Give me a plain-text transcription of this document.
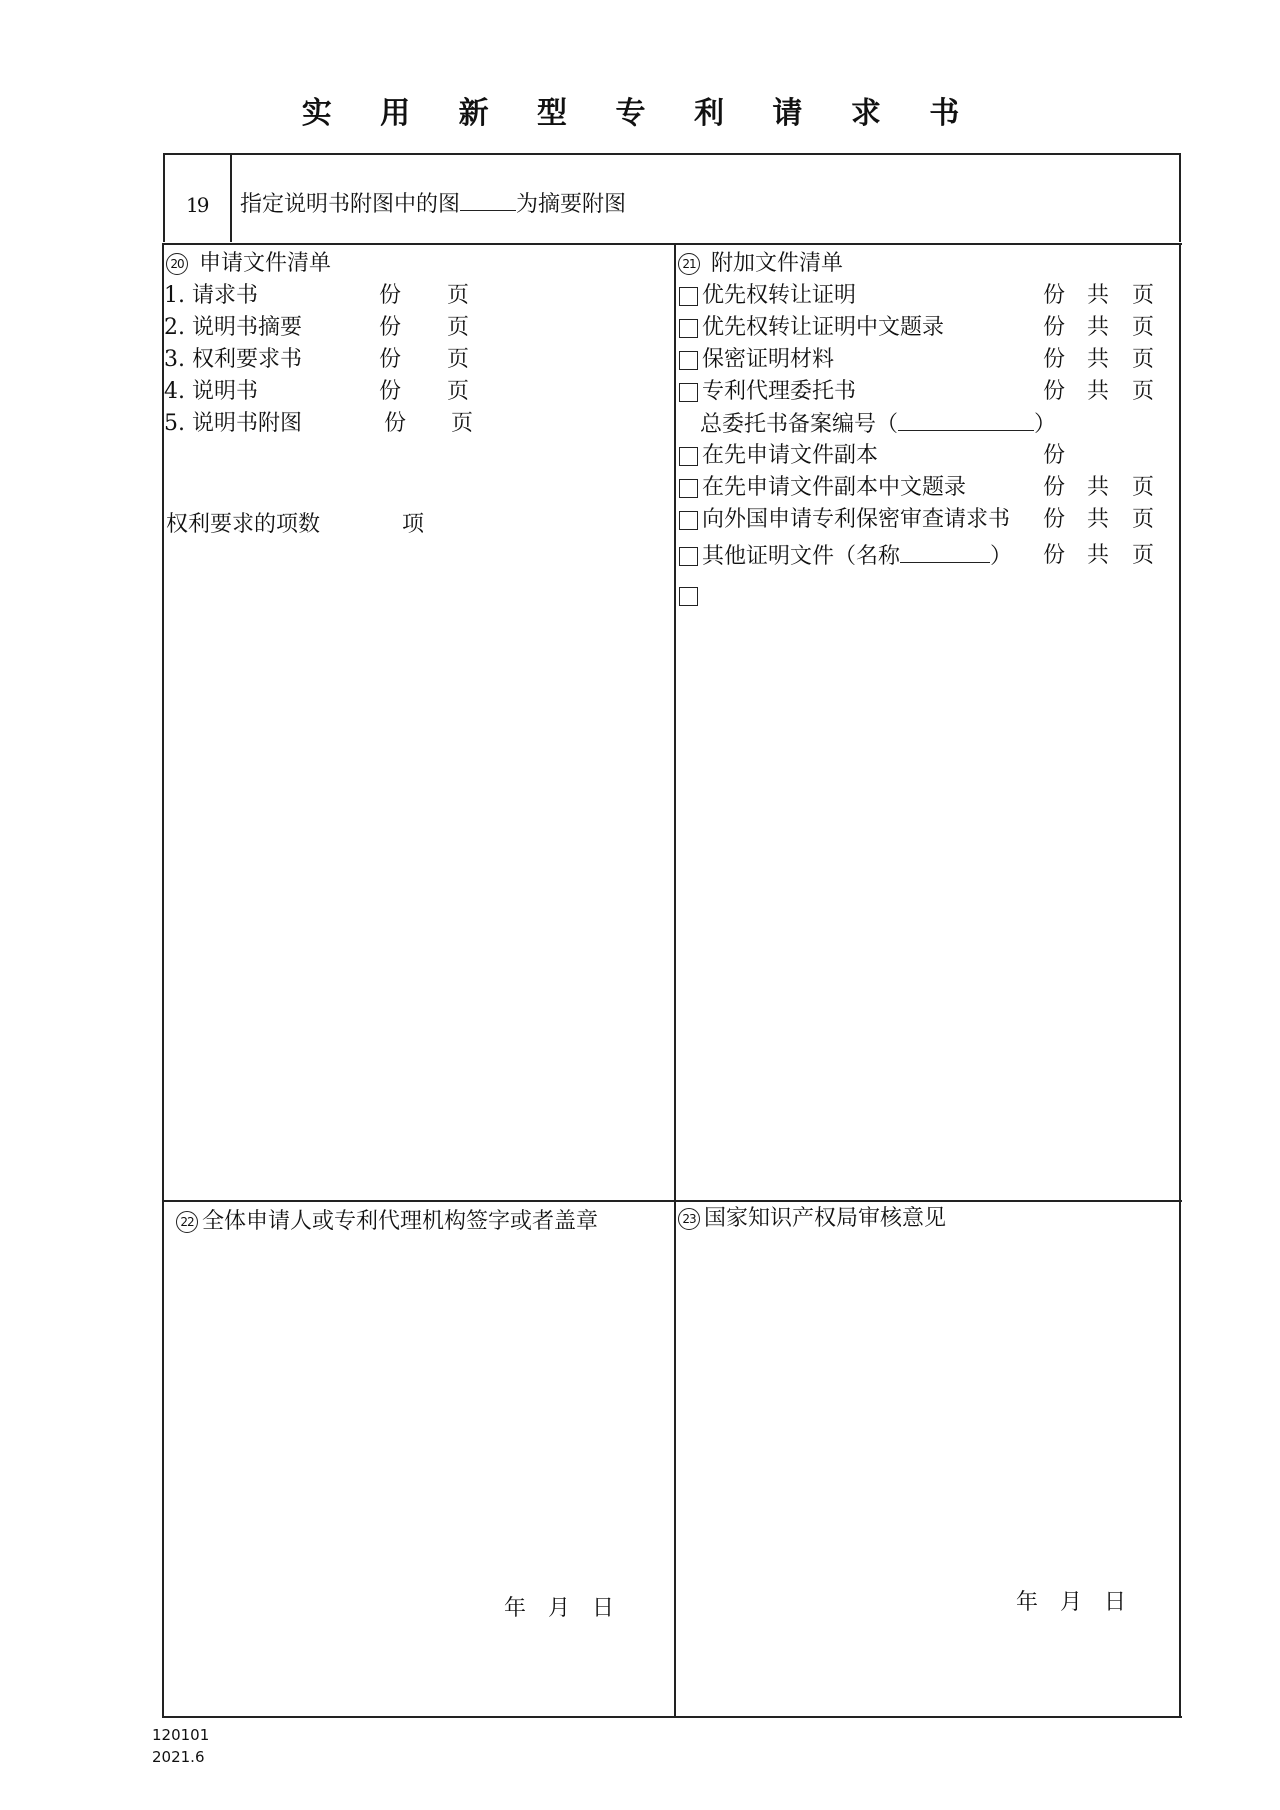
实 用 新 型 专 利 请 求 书
19 指定说明书附图中的图	为摘要附图
20 申请文件清单
1. 请求书	份 页
2. 说明书摘要	份 页
3. 权利要求书	份 页
4. 说明书	份 页
5. 说明书附图	份 页
权利要求的项数	项
21 附加文件清单
优先权转让证明	份 共 页
优先权转让证明中文题录	份 共 页
保密证明材料	份 共 页
专利代理委托书	份 共 页
总委托书备案编号（	）
在先申请文件副本	份
在先申请文件副本中文题录	份 共 页
向外国申请专利保密审查请求书 份 共 页
其他证明文件（名称	） 份 共 页
22 全体申请人或专利代理机构签字或者盖章
年 月 日
23 国家知识产权局审核意见
年 月 日
120101
2021.6
